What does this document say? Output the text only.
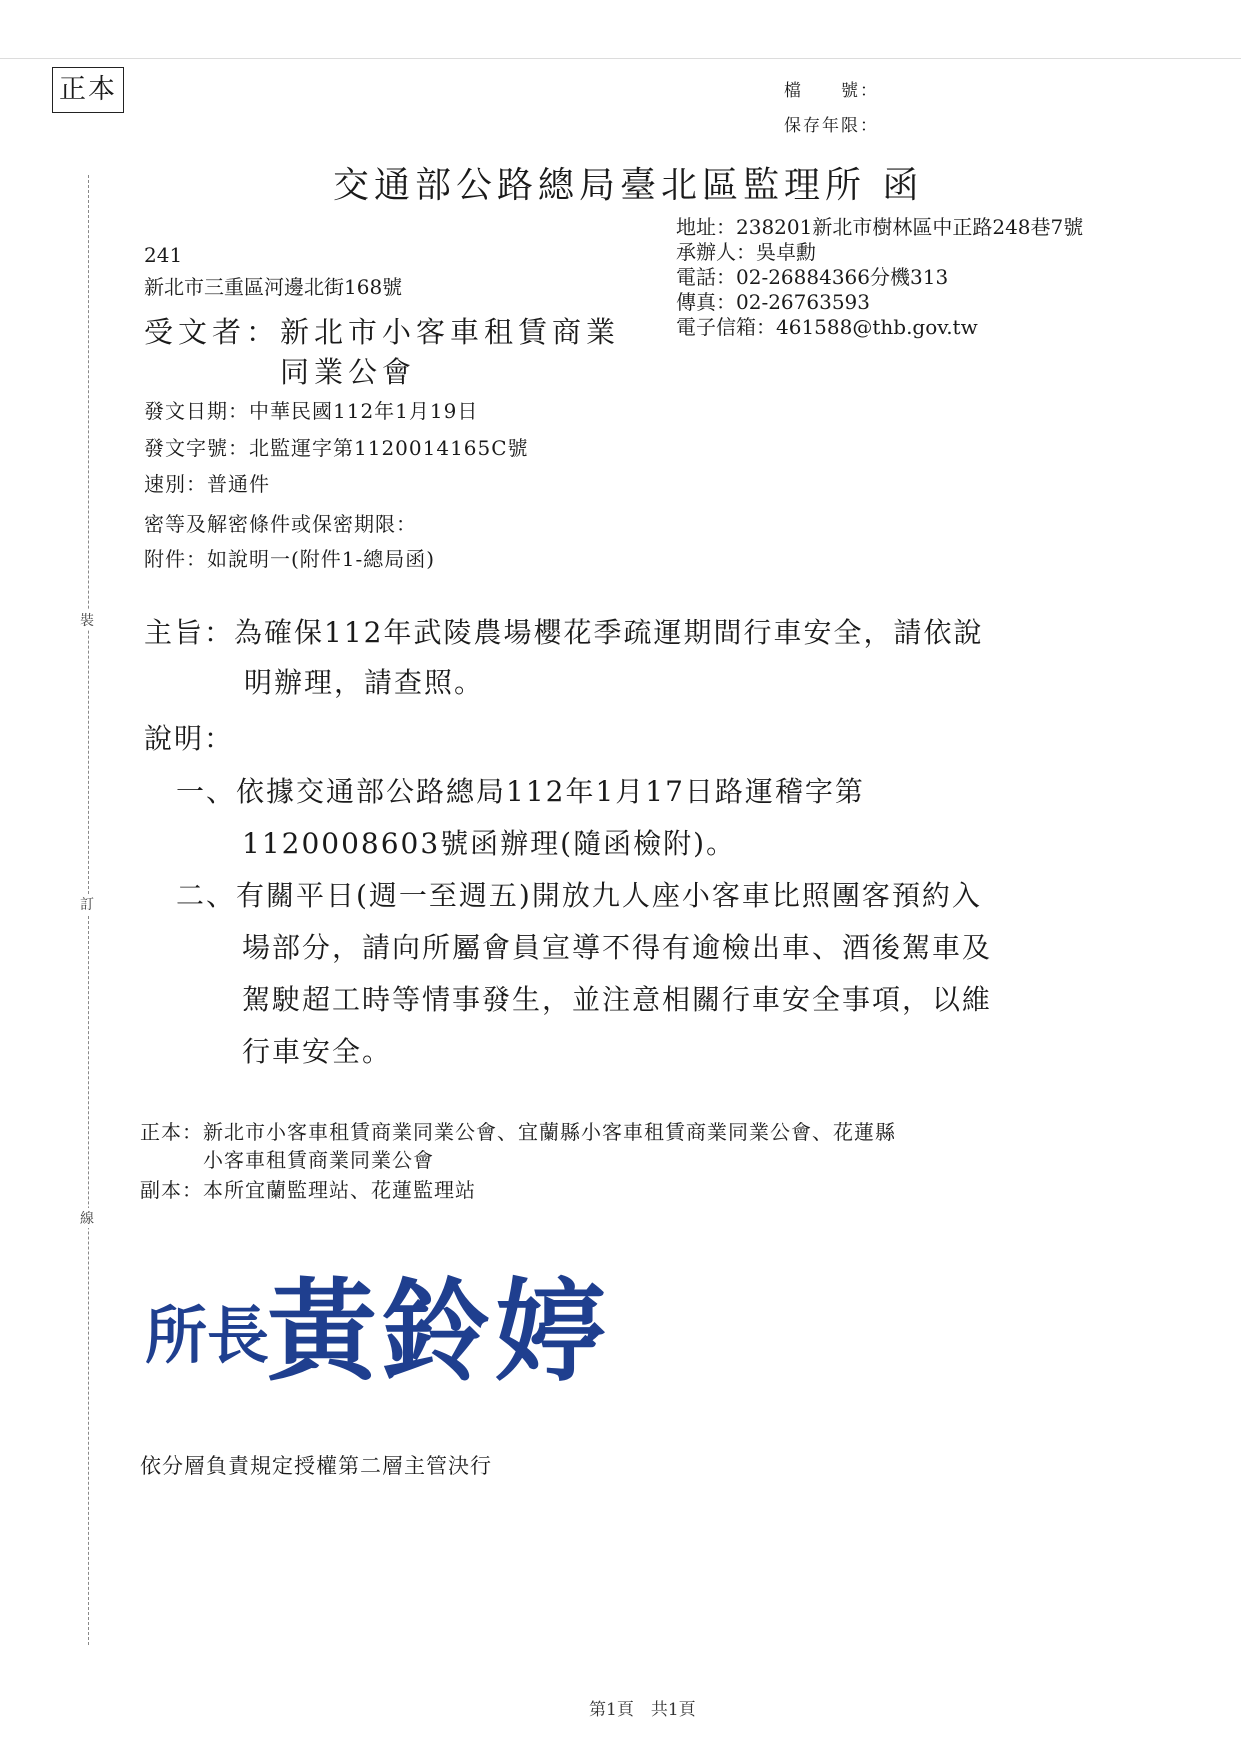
正本	檔　　號：
保存年限：
交通部公路總局臺北區監理所 函
地址：238201新北市樹林區中正路248巷7號
承辦人：吳卓勳
電話：02-26884366分機313
傳真：02-26763593
電子信箱：461588@thb.gov.tw
241
新北市三重區河邊北街168號
受文者：新北市小客車租賃商業
同業公會
發文日期：中華民國112年1月19日
發文字號：北監運字第1120014165C號
速別：普通件
密等及解密條件或保密期限：
附件：如說明一(附件1-總局函)
主旨：為確保112年武陵農場櫻花季疏運期間行車安全，請依說
明辦理，請查照。
說明：
一、依據交通部公路總局112年1月17日路運稽字第
1120008603號函辦理(隨函檢附)。
二、有關平日(週一至週五)開放九人座小客車比照團客預約入
場部分，請向所屬會員宣導不得有逾檢出車、酒後駕車及
駕駛超工時等情事發生，並注意相關行車安全事項，以維
行車安全。
正本：新北市小客車租賃商業同業公會、宜蘭縣小客車租賃商業同業公會、花蓮縣
　　　小客車租賃商業同業公會
副本：本所宜蘭監理站、花蓮監理站
裝
訂
線
所長
黃鈴婷
依分層負責規定授權第二層主管決行
第1頁　共1頁
